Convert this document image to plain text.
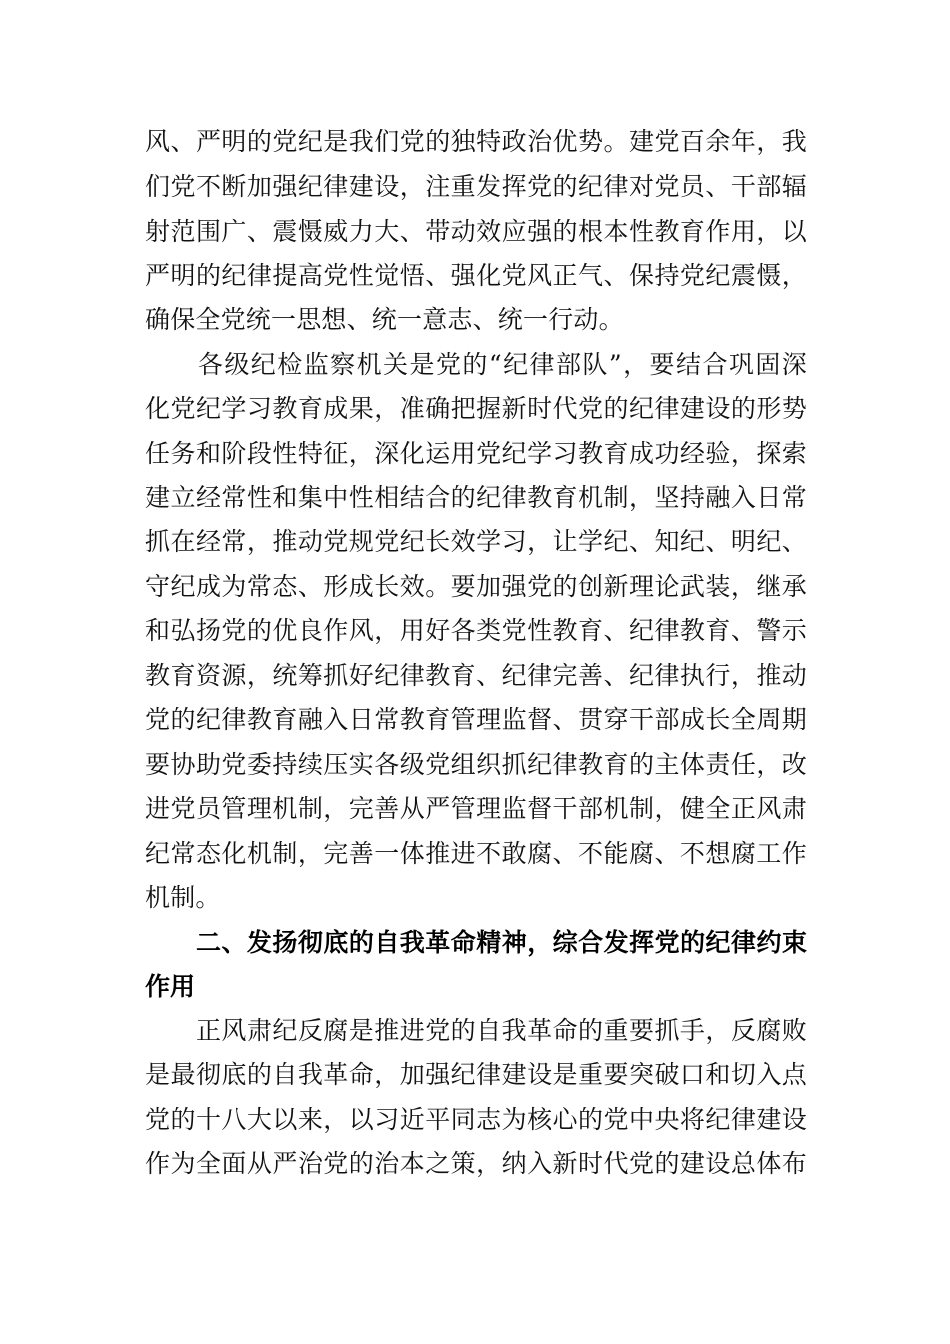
风、严明的党纪是我们党的独特政治优势。建党百余年，我
们党不断加强纪律建设，注重发挥党的纪律对党员、干部辐
射范围广、震慑威力大、带动效应强的根本性教育作用，以
严明的纪律提高党性觉悟、强化党风正气、保持党纪震慑，
确保全党统一思想、统一意志、统一行动。
　　各级纪检监察机关是党的“纪律部队”，要结合巩固深
化党纪学习教育成果，准确把握新时代党的纪律建设的形势
任务和阶段性特征，深化运用党纪学习教育成功经验，探索
建立经常性和集中性相结合的纪律教育机制，坚持融入日常
抓在经常，推动党规党纪长效学习，让学纪、知纪、明纪、
守纪成为常态、形成长效。要加强党的创新理论武装，继承
和弘扬党的优良作风，用好各类党性教育、纪律教育、警示
教育资源，统筹抓好纪律教育、纪律完善、纪律执行，推动
党的纪律教育融入日常教育管理监督、贯穿干部成长全周期
要协助党委持续压实各级党组织抓纪律教育的主体责任，改
进党员管理机制，完善从严管理监督干部机制，健全正风肃
纪常态化机制，完善一体推进不敢腐、不能腐、不想腐工作
机制。
　　二、发扬彻底的自我革命精神，综合发挥党的纪律约束
作用
　　正风肃纪反腐是推进党的自我革命的重要抓手，反腐败
是最彻底的自我革命，加强纪律建设是重要突破口和切入点
党的十八大以来，以习近平同志为核心的党中央将纪律建设
作为全面从严治党的治本之策，纳入新时代党的建设总体布
